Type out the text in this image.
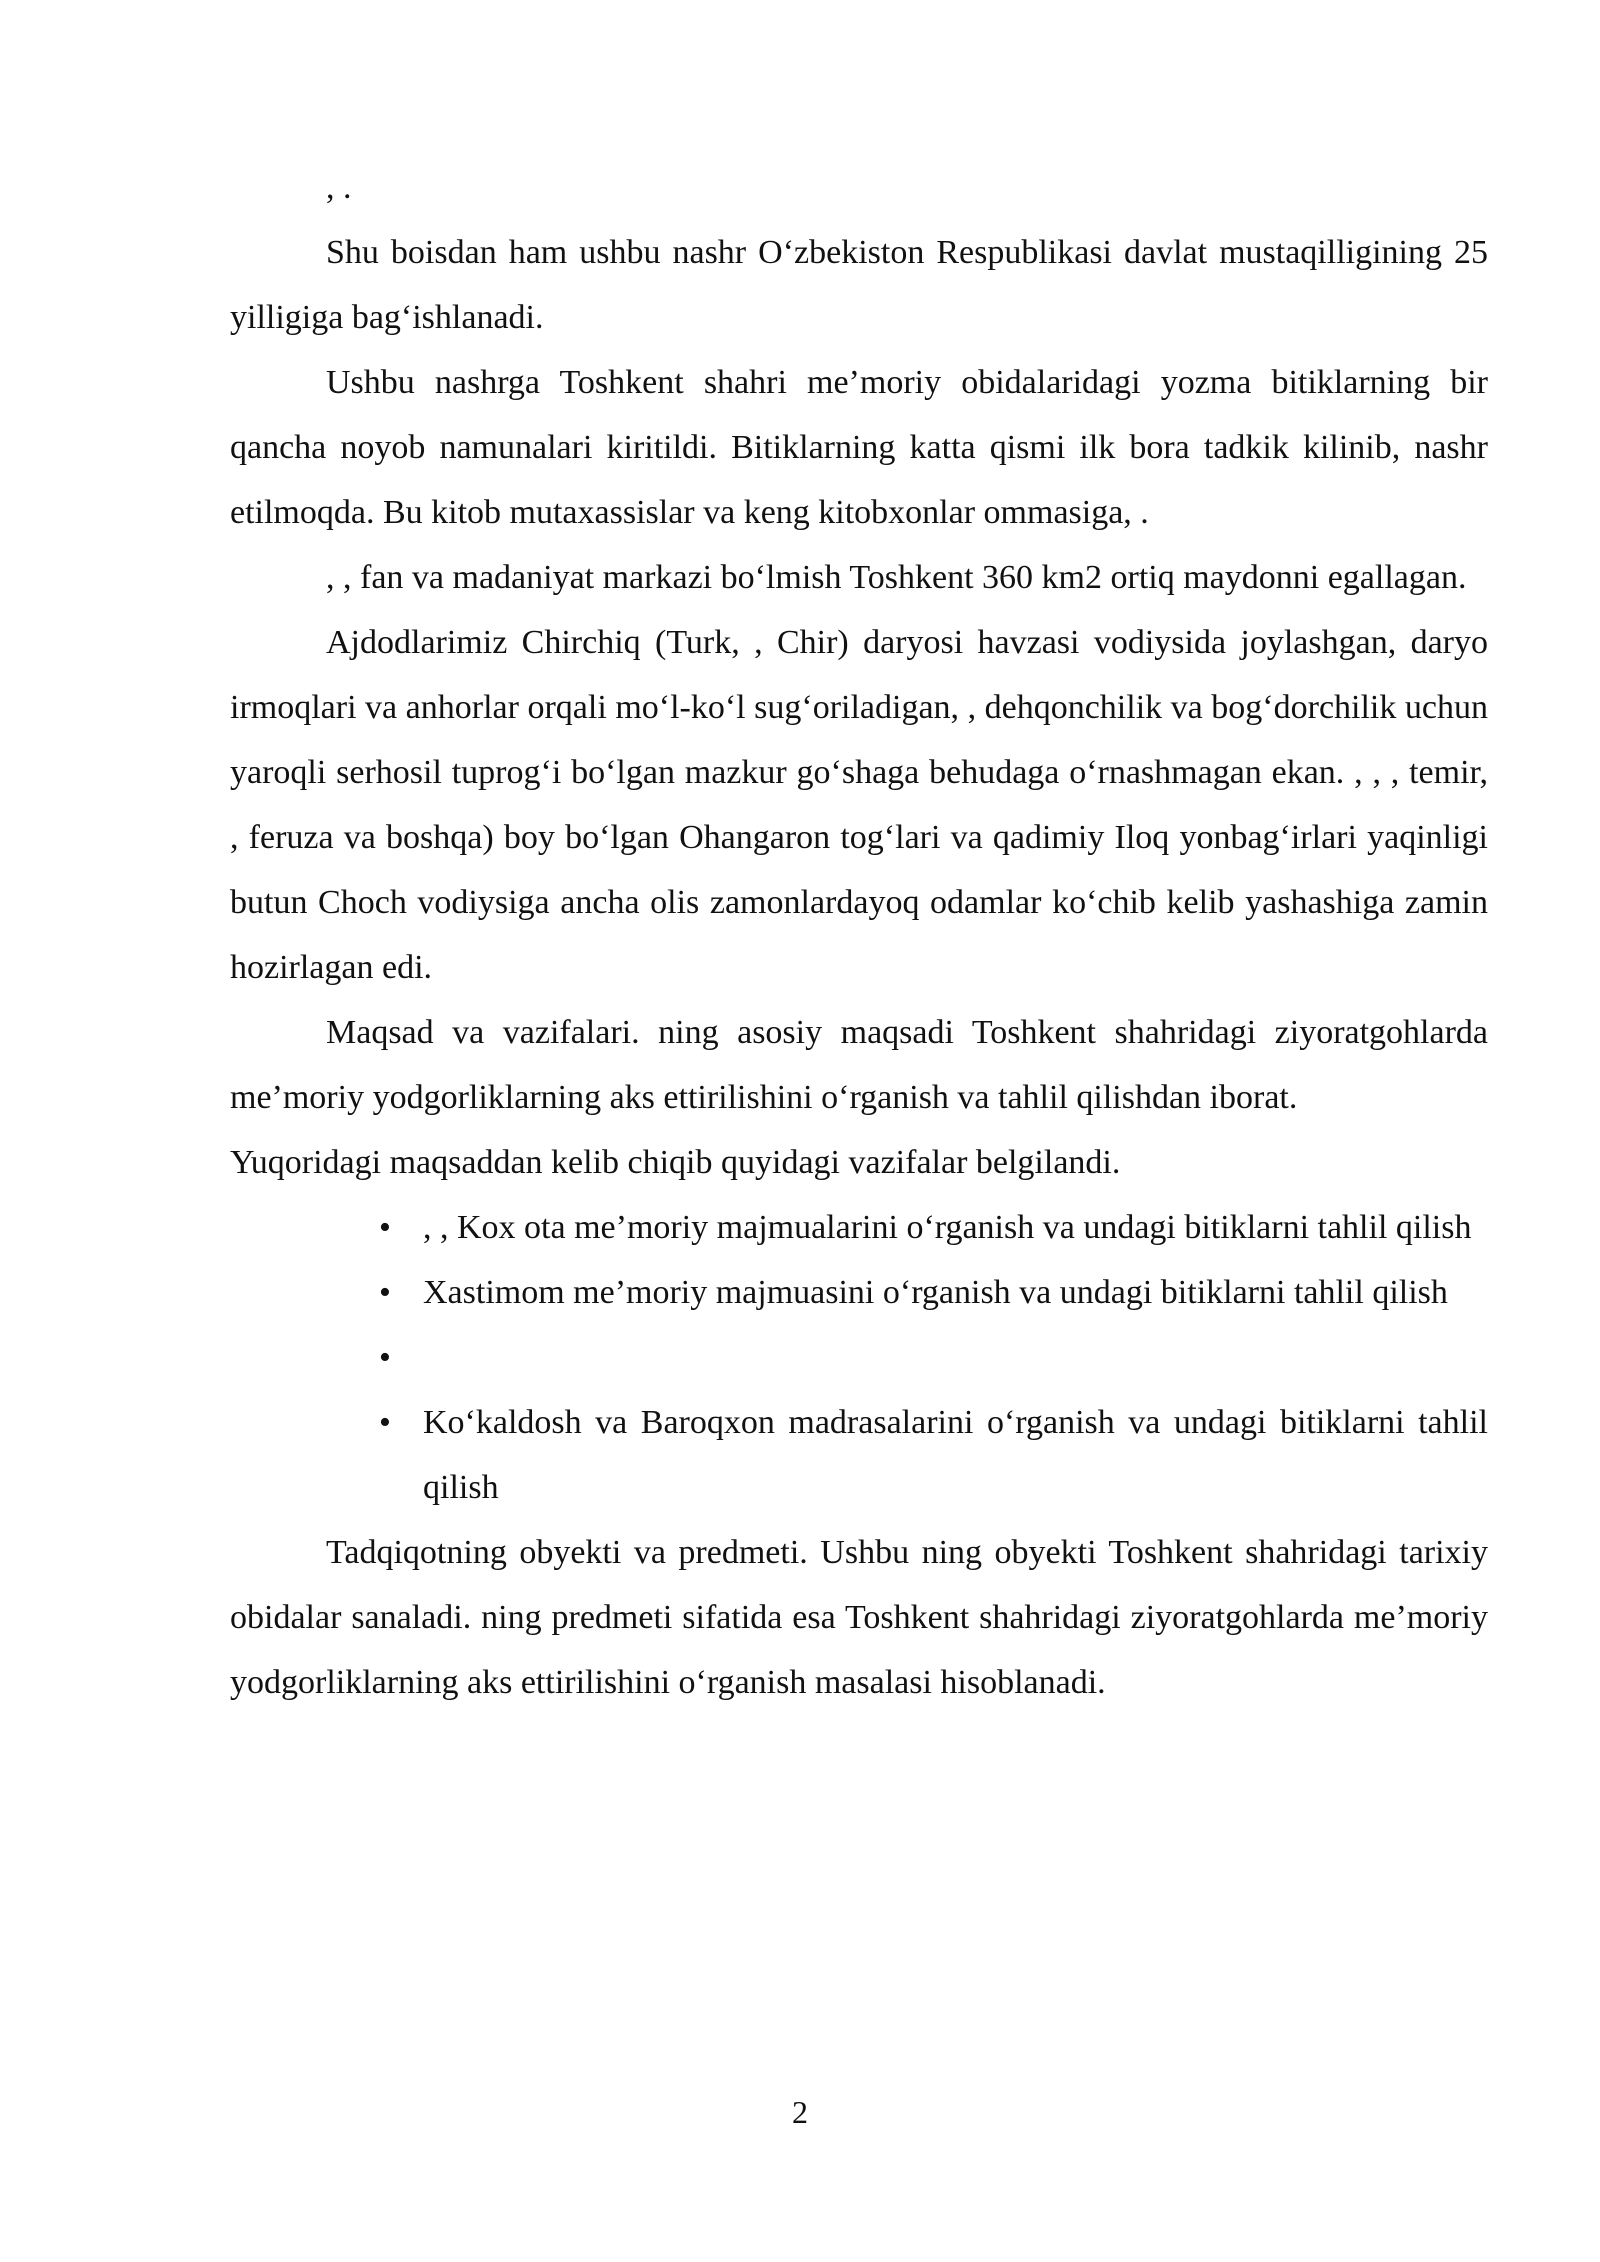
, .

Shu boisdan ham ushbu nashr O‘zbekiston Respublikasi davlat mustaqilligining 25 yilligiga bag‘ishlanadi.

Ushbu nashrga Toshkent shahri me’moriy obidalaridagi yozma bitiklarning bir qancha noyob namunalari kiritildi. Bitiklarning katta qismi ilk bora tadkik kilinib, nashr etilmoqda. Bu kitob mutaxassislar va keng kitobxonlar ommasiga, .

, , fan va madaniyat markazi bo‘lmish Toshkent 360 km2 ortiq maydonni egallagan.

Ajdodlarimiz Chirchiq (Turk, , Chir) daryosi havzasi vodiysida joylashgan, daryo irmoqlari va anhorlar orqali mo‘l-ko‘l sug‘oriladigan, , dehqonchilik va bog‘dorchilik uchun yaroqli serhosil tuprog‘i bo‘lgan mazkur go‘shaga behudaga o‘rnashmagan ekan. , , , temir, , feruza va boshqa) boy bo‘lgan Ohangaron tog‘lari va qadimiy Iloq yonbag‘irlari yaqinligi butun Choch vodiysiga ancha olis zamonlardayoq odamlar ko‘chib kelib yashashiga zamin hozirlagan edi.

Maqsad va vazifalari. ning asosiy maqsadi Toshkent shahridagi ziyoratgohlarda me’moriy yodgorliklarning aks ettirilishini o‘rganish va tahlil qilishdan iborat.

Yuqoridagi maqsaddan kelib chiqib quyidagi vazifalar belgilandi.

• , , Kox ota me’moriy majmualarini o‘rganish va undagi bitiklarni tahlil qilish
• Xastimom me’moriy majmuasini o‘rganish va undagi bitiklarni tahlil qilish
•
• Ko‘kaldosh va Baroqxon madrasalarini o‘rganish va undagi bitiklarni tahlil qilish

Tadqiqotning obyekti va predmeti. Ushbu ning obyekti Toshkent shahridagi tarixiy obidalar sanaladi. ning predmeti sifatida esa Toshkent shahridagi ziyoratgohlarda me’moriy yodgorliklarning aks ettirilishini o‘rganish masalasi hisoblanadi.

2
